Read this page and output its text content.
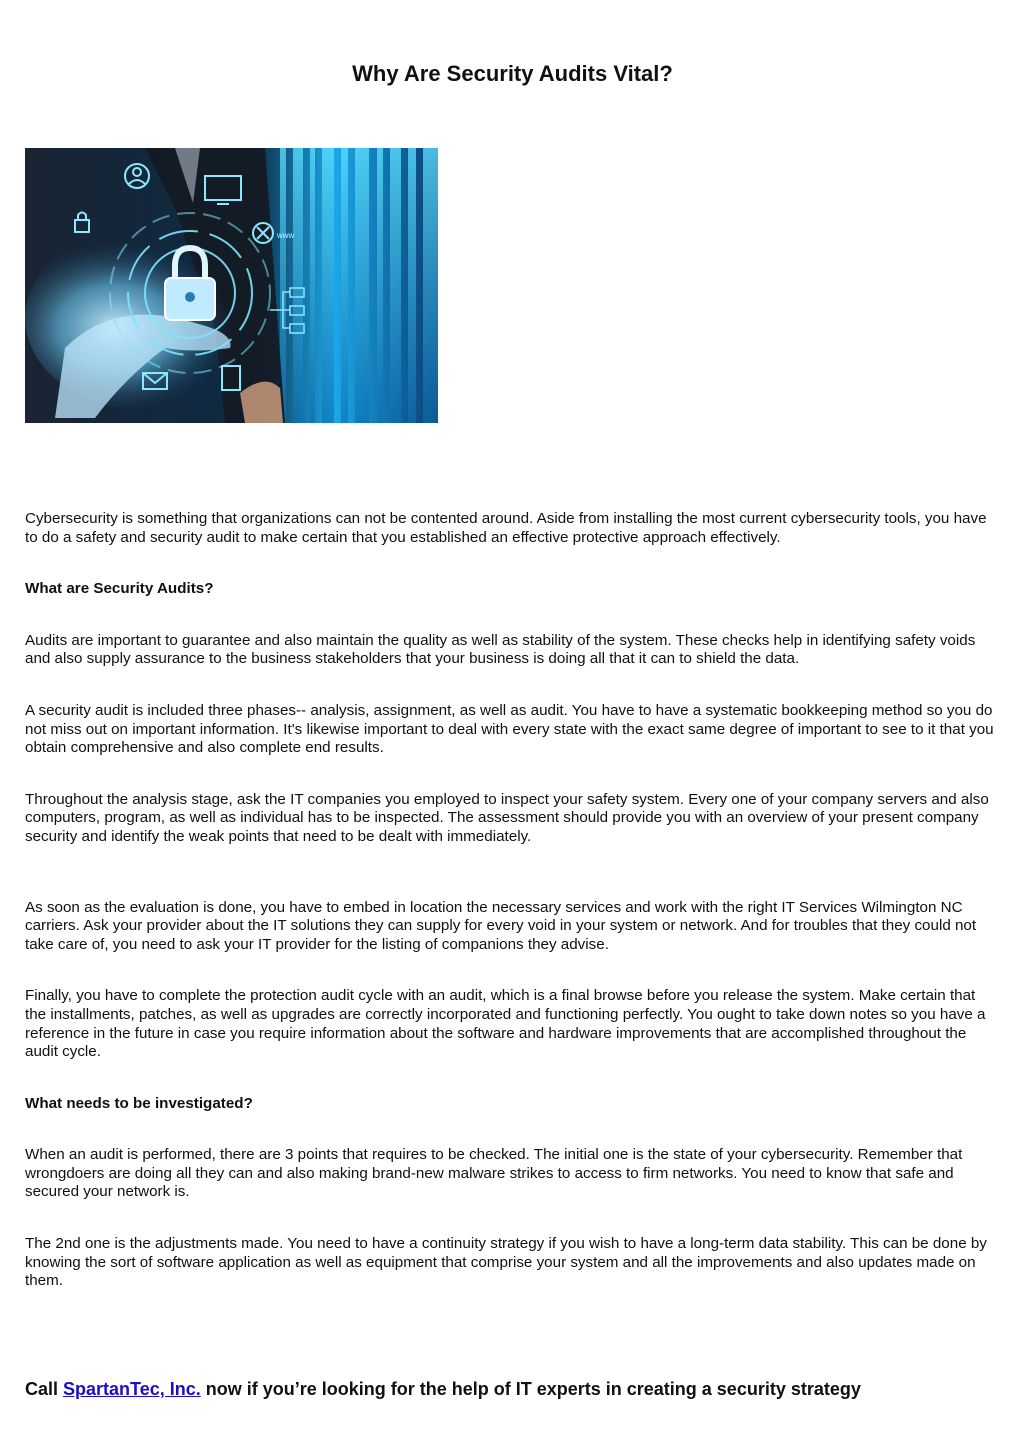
Why Are Security Audits Vital?
www

Cybersecurity is something that organizations can not be contented around. Aside from installing the most current cybersecurity tools, you have to do a safety and security audit to make certain that you established an effective protective approach effectively.

What are Security Audits?

Audits are important to guarantee and also maintain the quality as well as stability of the system. These checks help in identifying safety voids and also supply assurance to the business stakeholders that your business is doing all that it can to shield the data.

A security audit is included three phases-- analysis, assignment, as well as audit. You have to have a systematic bookkeeping method so you do not miss out on important information. It's likewise important to deal with every state with the exact same degree of important to see to it that you obtain comprehensive and also complete end results.

Throughout the analysis stage, ask the IT companies you employed to inspect your safety system. Every one of your company servers and also computers, program, as well as individual has to be inspected. The assessment should provide you with an overview of your present company security and identify the weak points that need to be dealt with immediately.

As soon as the evaluation is done, you have to embed in location the necessary services and work with the right IT Services Wilmington NC carriers. Ask your provider about the IT solutions they can supply for every void in your system or network. And for troubles that they could not take care of, you need to ask your IT provider for the listing of companions they advise.

Finally, you have to complete the protection audit cycle with an audit, which is a final browse before you release the system. Make certain that the installments, patches, as well as upgrades are correctly incorporated and functioning perfectly. You ought to take down notes so you have a reference in the future in case you require information about the software and hardware improvements that are accomplished throughout the audit cycle.

What needs to be investigated?

When an audit is performed, there are 3 points that requires to be checked. The initial one is the state of your cybersecurity. Remember that wrongdoers are doing all they can and also making brand-new malware strikes to access to firm networks. You need to know that safe and secured your network is.

The 2nd one is the adjustments made. You need to have a continuity strategy if you wish to have a long-term data stability. This can be done by knowing the sort of software application as well as equipment that comprise your system and all the improvements and also updates made on them.

Call SpartanTec, Inc. now if you’re looking for the help of IT experts in creating a security strategy
